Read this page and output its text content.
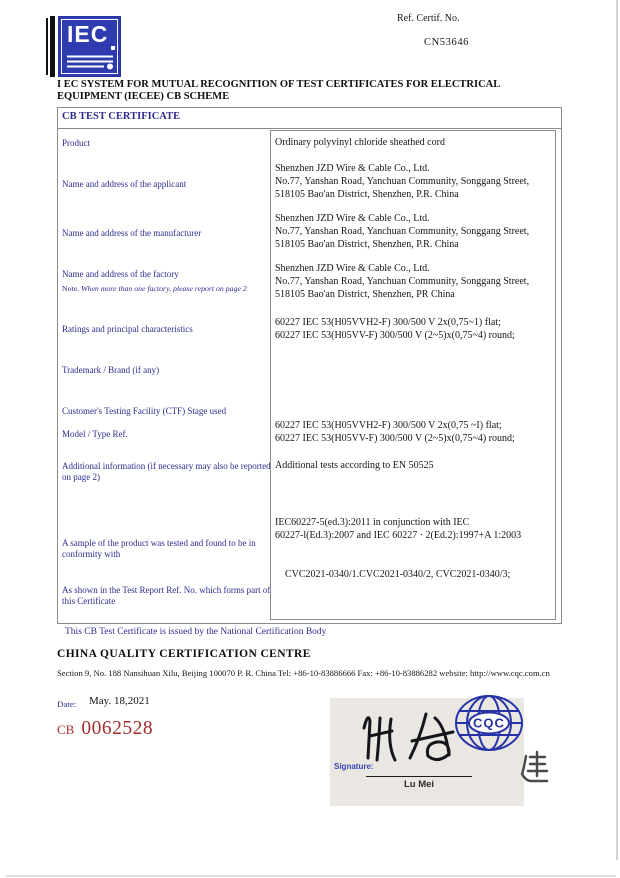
IEC
Ref. Certif. No.
CN53646
I EC SYSTEM FOR MUTUAL RECOGNITION OF TEST CERTIFICATES FOR ELECTRICAL EQUIPMENT (IECEE) CB SCHEME
CB TEST CERTIFICATE
Product
Name and address of the applicant
Name and address of the manufacturer
Name and address of the factory
Note. When more than one factory, please report on page 2
Ratings and principal characteristics
Trademark / Brand (if any)
Customer's Testing Facility (CTF) Stage used
Model / Type Ref.
Additional information (if necessary may also be reported on page 2)
A sample of the product was tested and found to be in conformity with
As shown in the Test Report Ref. No. which forms part of this Certificate
Ordinary polyvinyl chloride sheathed cord
Shenzhen JZD Wire & Cable Co., Ltd.
No.77, Yanshan Road, Yanchuan Community, Songgang Street,
518105 Bao'an District, Shenzhen, P.R. China
Shenzhen JZD Wire & Cable Co., Ltd.
No.77, Yanshan Road, Yanchuan Community, Songgang Street,
518105 Bao'an District, Shenzhen, P.R. China
Shenzhen JZD Wire & Cable Co., Ltd.
No.77, Yanshan Road, Yanchuan Community, Songgang Street,
518105 Bao'an District, Shenzhen, PR China
60227 IEC 53(H05VVH2-F) 300/500 V 2x(0,75~1) flat;
60227 IEC 53(H05VV-F) 300/500 V (2~5)x(0,75~4) round;
60227 IEC 53(H05VVH2-F) 300/500 V 2x(0,75 ~I) flat;
60227 IEC 53(H05VV-F) 300/500 V (2~5)x(0,75~4) round;
Additional tests according to EN 50525
IEC60227-5(ed.3):2011 in conjunction with IEC
60227-l(Ed.3):2007 and IEC 60227 · 2(Ed.2):1997+A 1:2003
CVC2021-0340/1.CVC2021-0340/2, CVC2021-0340/3;
This CB Test Certificate is issued by the National Certification Body
CHINA QUALITY CERTIFICATION CENTRE
Section 9, No. 188 Nansihuan Xilu, Beijing 100070 P. R. China Tel: +86-10-83886666 Fax: +86-10-83886282 website: http://www.cqc.com.cn
Date: May. 18,2021
CB 0062528
Signature:
Lu Mei
CQC
